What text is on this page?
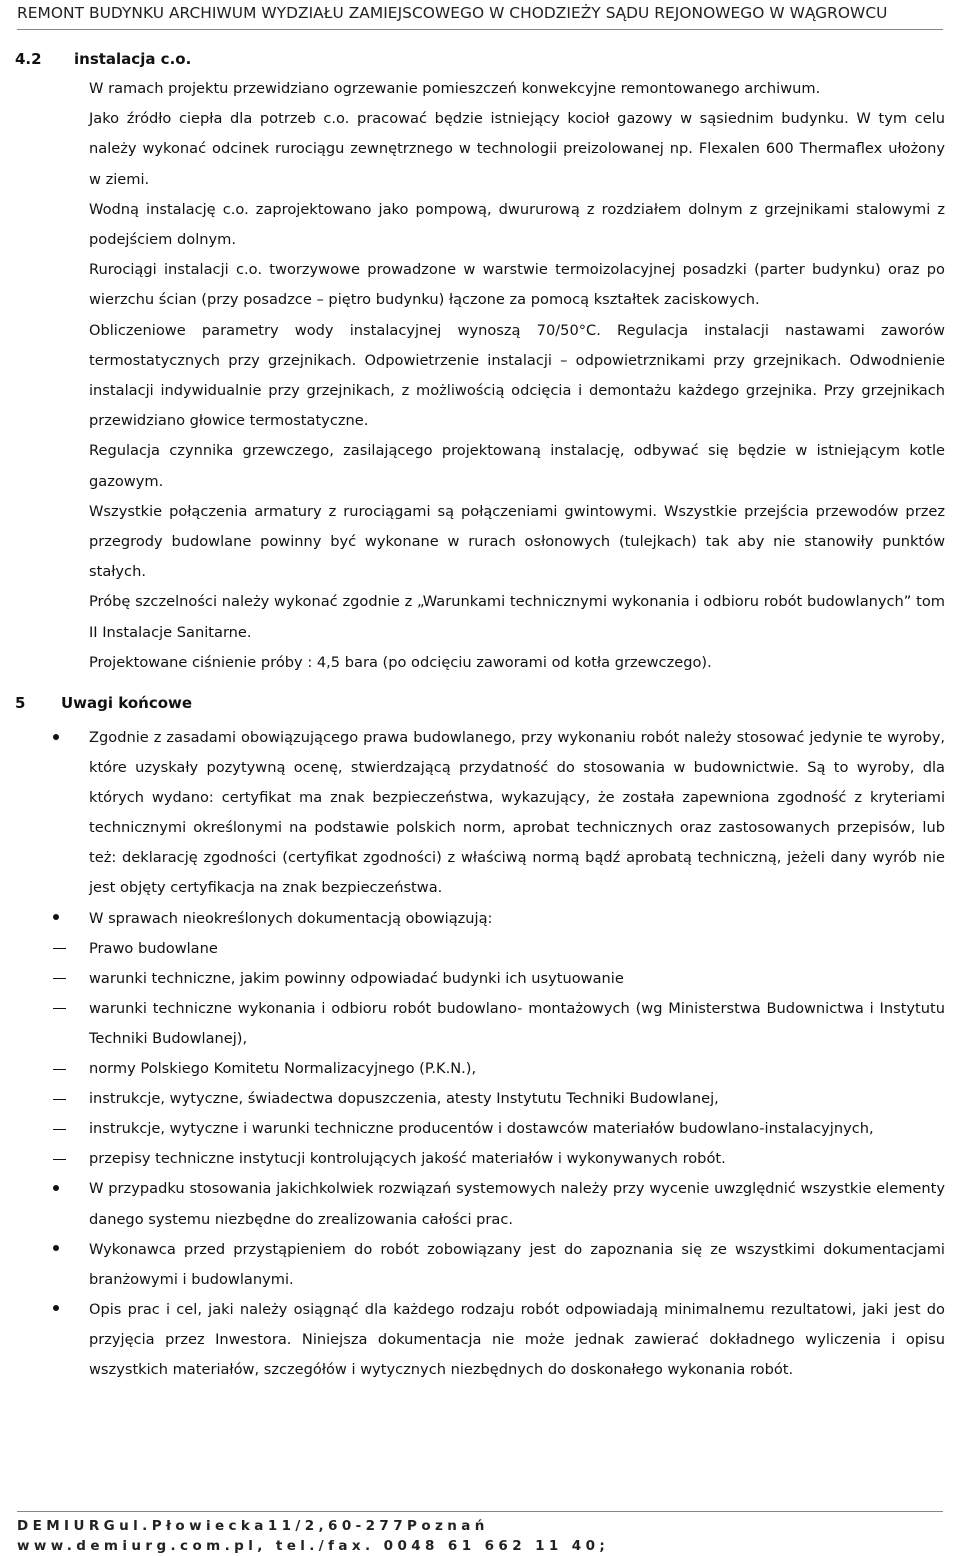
REMONT BUDYNKU ARCHIWUM WYDZIAŁU ZAMIEJSCOWEGO W CHODZIEŻY SĄDU REJONOWEGO W WĄGROWCU
4.2 instalacja c.o.

W ramach projektu przewidziano ogrzewanie pomieszczeń konwekcyjne remontowanego archiwum.

Jako źródło ciepła dla potrzeb c.o. pracować będzie istniejący kocioł gazowy w sąsiednim budynku. W tym celu należy wykonać odcinek rurociągu zewnętrznego w technologii preizolowanej np. Flexalen 600 Thermaflex ułożony w ziemi.

Wodną instalację c.o. zaprojektowano jako pompową, dwururową z rozdziałem dolnym z grzejnikami stalowymi z podejściem dolnym.

Rurociągi instalacji c.o. tworzywowe prowadzone w warstwie termoizolacyjnej posadzki (parter budynku) oraz po wierzchu ścian (przy posadzce – piętro budynku) łączone za pomocą kształtek zaciskowych.

Obliczeniowe parametry wody instalacyjnej wynoszą 70/50°C. Regulacja instalacji nastawami zaworów termostatycznych przy grzejnikach. Odpowietrzenie instalacji – odpowietrznikami przy grzejnikach. Odwodnienie instalacji indywidualnie przy grzejnikach, z możliwością odcięcia i demontażu każdego grzejnika. Przy grzejnikach przewidziano głowice termostatyczne.

Regulacja czynnika grzewczego, zasilającego projektowaną instalację, odbywać się będzie w istniejącym kotle gazowym.

Wszystkie połączenia armatury z rurociągami są połączeniami gwintowymi. Wszystkie przejścia przewodów przez przegrody budowlane powinny być wykonane w rurach osłonowych (tulejkach) tak aby nie stanowiły punktów stałych.

Próbę szczelności należy wykonać zgodnie z „Warunkami technicznymi wykonania i odbioru robót budowlanych” tom II Instalacje Sanitarne.

Projektowane ciśnienie próby : 4,5 bara (po odcięciu zaworami od kotła grzewczego).

5 Uwagi końcowe
Zgodnie z zasadami obowiązującego prawa budowlanego, przy wykonaniu robót należy stosować jedynie te wyroby, które uzyskały pozytywną ocenę, stwierdzającą przydatność do stosowania w budownictwie. Są to wyroby, dla których wydano: certyfikat ma znak bezpieczeństwa, wykazujący, że została zapewniona zgodność z kryteriami technicznymi określonymi na podstawie polskich norm, aprobat technicznych oraz zastosowanych przepisów, lub też: deklarację zgodności (certyfikat zgodności) z właściwą normą bądź aprobatą techniczną, jeżeli dany wyrób nie jest objęty certyfikacja na znak bezpieczeństwa.
W sprawach nieokreślonych dokumentacją obowiązują:
Prawo budowlane
warunki techniczne, jakim powinny odpowiadać budynki ich usytuowanie
warunki techniczne wykonania i odbioru robót budowlano- montażowych (wg Ministerstwa Budownictwa i Instytutu Techniki Budowlanej),
normy Polskiego Komitetu Normalizacyjnego (P.K.N.),
instrukcje, wytyczne, świadectwa dopuszczenia, atesty Instytutu Techniki Budowlanej,
instrukcje, wytyczne i warunki techniczne producentów i dostawców materiałów budowlano-instalacyjnych,
przepisy techniczne instytucji kontrolujących jakość materiałów i wykonywanych robót.
W przypadku stosowania jakichkolwiek rozwiązań systemowych należy przy wycenie uwzględnić wszystkie elementy danego systemu niezbędne do zrealizowania całości prac.
Wykonawca przed przystąpieniem do robót zobowiązany jest do zapoznania się ze wszystkimi dokumentacjami branżowymi i budowlanymi.
Opis prac i cel, jaki należy osiągnąć dla każdego rodzaju robót odpowiadają minimalnemu rezultatowi, jaki jest do przyjęcia przez Inwestora. Niniejsza dokumentacja nie może jednak zawierać dokładnego wyliczenia i opisu wszystkich materiałów, szczegółów i wytycznych niezbędnych do doskonałego wykonania robót.
DEMIURGul.Płowiecka11/2,60-277Poznań
www.demiurg.com.pl, tel./fax. 0048 61 662 11 40;
